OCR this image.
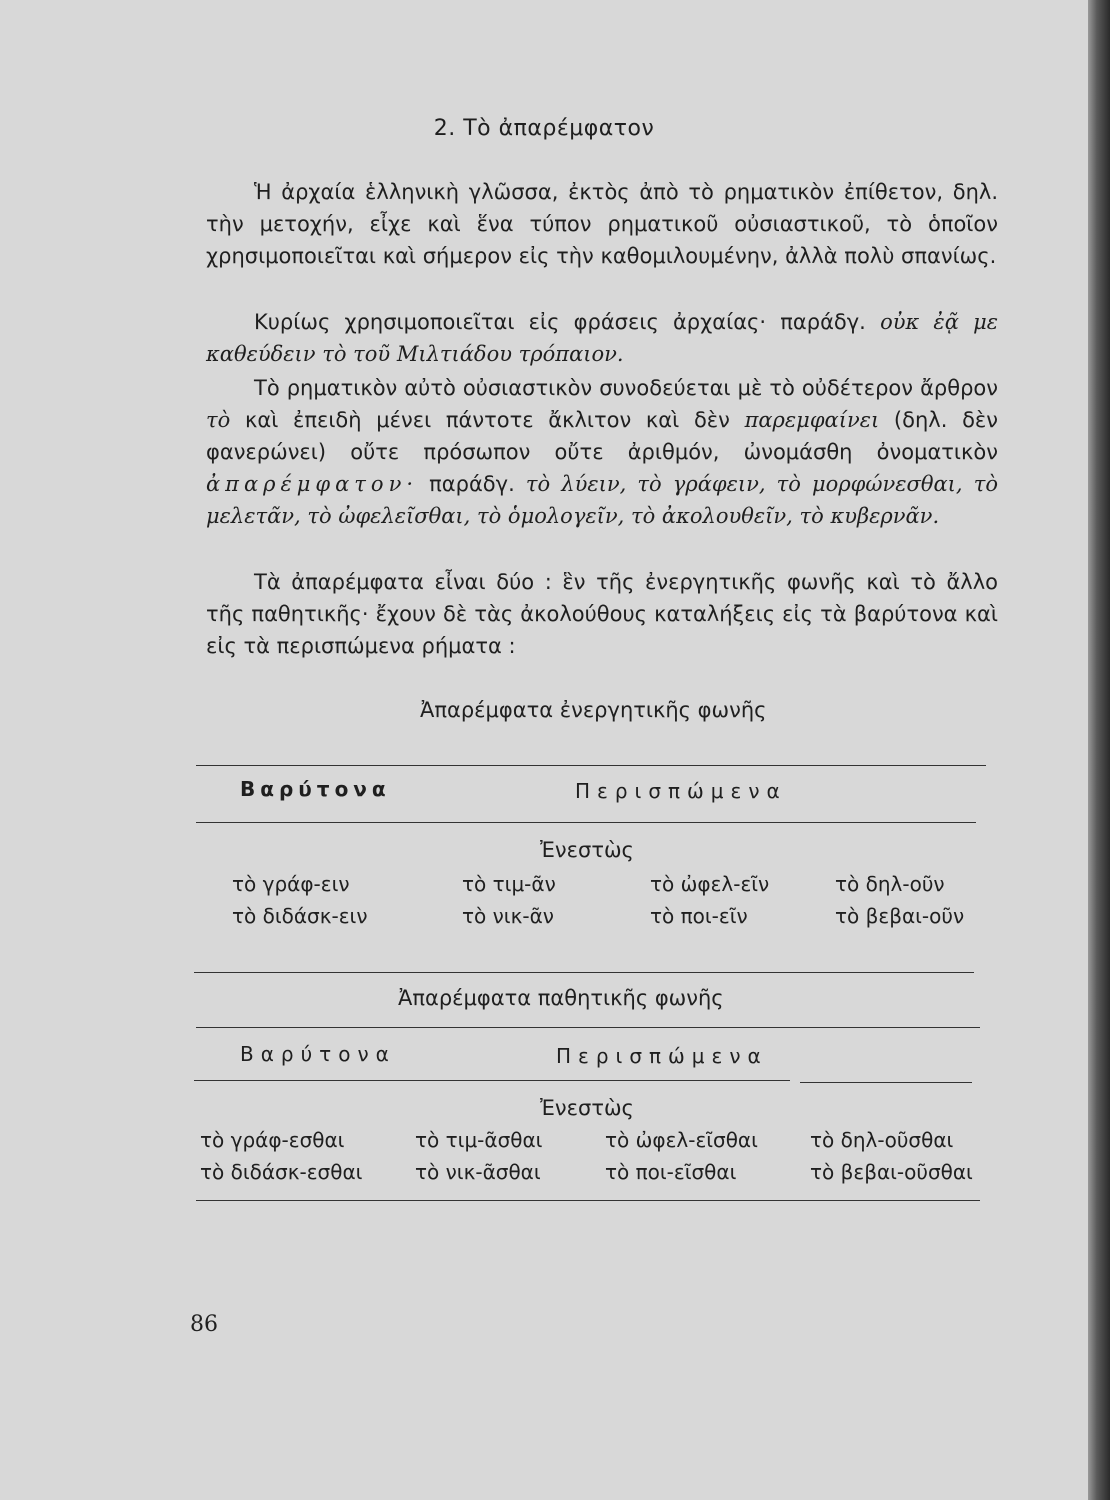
2. Τὸ ἀπαρέμφατον

Ἡ ἀρχαία ἑλληνικὴ γλῶσσα, ἐκτὸς ἀπὸ τὸ ρηματικὸν ἐπίθετον, δηλ. τὴν μετοχήν, εἶχε καὶ ἕνα τύπον ρηματικοῦ οὐσιαστικοῦ, τὸ ὁποῖον χρησιμοποιεῖται καὶ σήμερον εἰς τὴν καθομιλουμένην, ἀλλὰ πολὺ σπανίως.

Κυρίως χρησιμοποιεῖται εἰς φράσεις ἀρχαίας· παράδγ. οὐκ ἐᾷ με καθεύδειν τὸ τοῦ Μιλτιάδου τρόπαιον.

Τὸ ρηματικὸν αὐτὸ οὐσιαστικὸν συνοδεύεται μὲ τὸ οὐδέτερον ἄρθρον τὸ καὶ ἐπειδὴ μένει πάντοτε ἄκλιτον καὶ δὲν παρεμφαίνει (δηλ. δὲν φανερώνει) οὔτε πρόσωπον οὔτε ἀριθμόν, ὠνομάσθη ὀνοματικὸν ἀπαρέμφατον· παράδγ. τὸ λύειν, τὸ γράφειν, τὸ μορφώνεσθαι, τὸ μελετᾶν, τὸ ὠφελεῖσθαι, τὸ ὁμολογεῖν, τὸ ἀκολουθεῖν, τὸ κυβερνᾶν.

Τὰ ἀπαρέμφατα εἶναι δύο : ἓν τῆς ἐνεργητικῆς φωνῆς καὶ τὸ ἄλλο τῆς παθητικῆς· ἔχουν δὲ τὰς ἀκολούθους καταλήξεις εἰς τὰ βαρύτονα καὶ εἰς τὰ περισπώμενα ρήματα :

Ἀπαρέμφατα ἐνεργητικῆς φωνῆς
Βαρύτονα	Περισπώμενα
Ἐνεστὼς
τὸ γράφ-ειν	τὸ τιμ-ᾶν	τὸ ὠφελ-εῖν	τὸ δηλ-οῦν
τὸ διδάσκ-ειν	τὸ νικ-ᾶν	τὸ ποι-εῖν	τὸ βεβαι-οῦν
Ἀπαρέμφατα παθητικῆς φωνῆς
Βαρύτονα	Περισπώμενα
Ἐνεστὼς
τὸ γράφ-εσθαι	τὸ τιμ-ᾶσθαι	τὸ ὠφελ-εῖσθαι	τὸ δηλ-οῦσθαι
τὸ διδάσκ-εσθαι	τὸ νικ-ᾶσθαι	τὸ ποι-εῖσθαι	τὸ βεβαι-οῦσθαι
86
